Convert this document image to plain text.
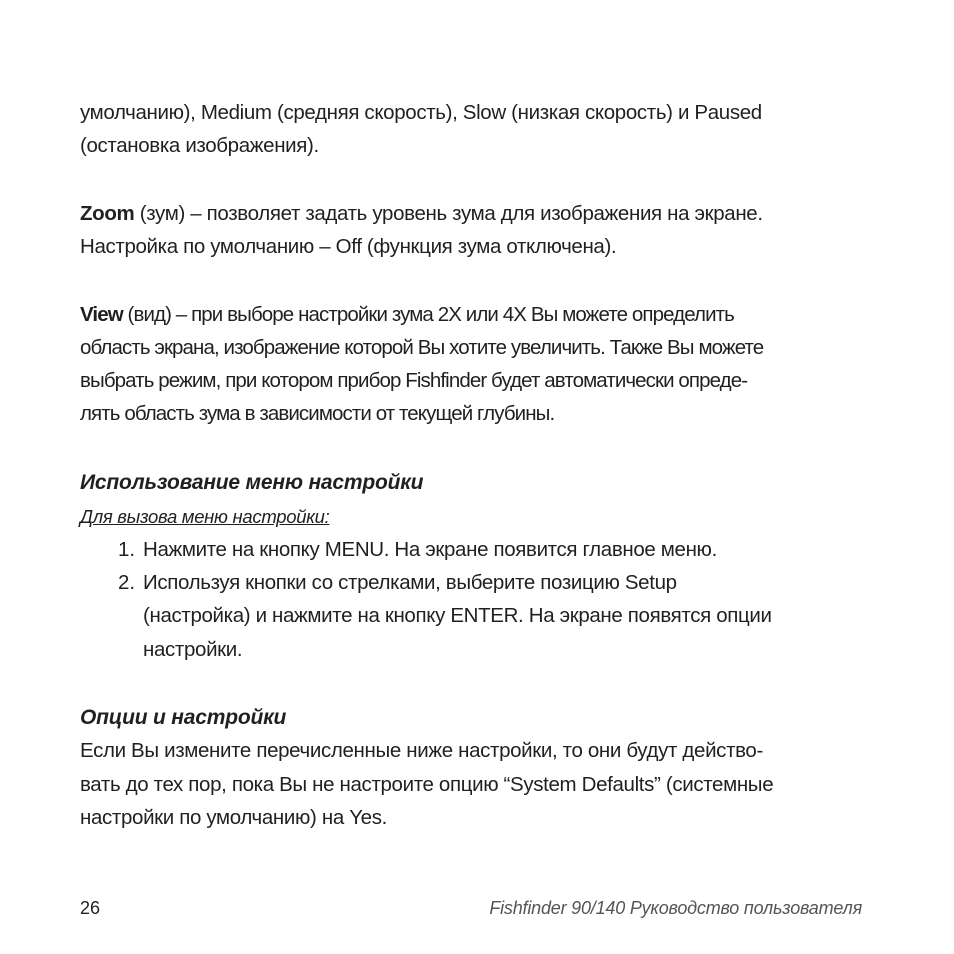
умолчанию), Medium (средняя скорость), Slow (низкая скорость) и Paused
(остановка изображения).
Zoom (зум) – позволяет задать уровень зума для изображения на экране.
Настройка по умолчанию – Off (функция зума отключена).
View (вид) – при выборе настройки зума 2X или 4X Вы можете определить
область экрана, изображение которой Вы хотите увеличить. Также Вы можете
выбрать режим, при котором прибор Fishfinder будет автоматически опреде-
лять область зума в зависимости от текущей глубины.
Использование меню настройки
Для вызова меню настройки:
1. Нажмите на кнопку MENU. На экране появится главное меню.
2. Используя кнопки со стрелками, выберите позицию Setup
(настройка) и нажмите на кнопку ENTER. На экране появятся опции
настройки.
Опции и настройки
Если Вы измените перечисленные ниже настройки, то они будут действо-
вать до тех пор, пока Вы не настроите опцию “System Defaults” (системные
настройки по умолчанию) на Yes.
26	Fishfinder 90/140 Руководство пользователя
